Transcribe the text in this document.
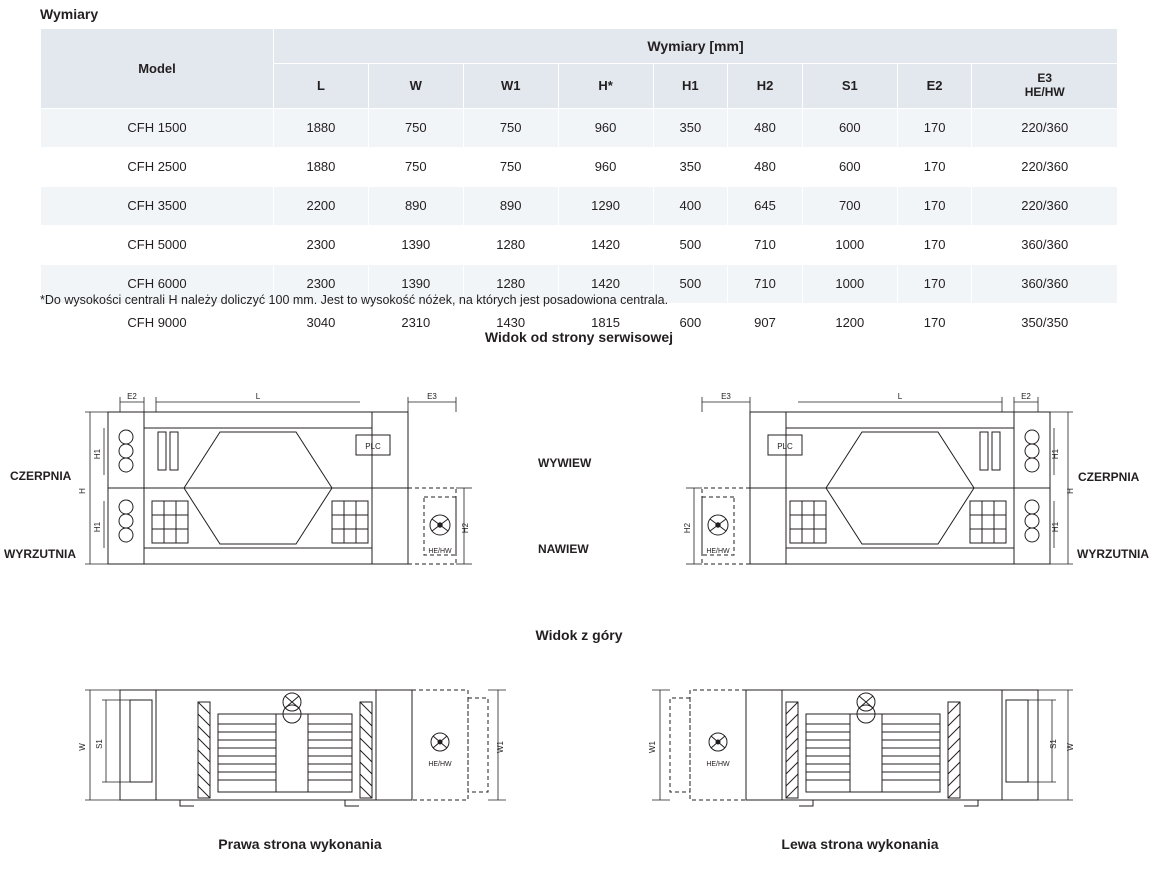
Wymiary
Model	Wymiary [mm]								
	L	W	W1	H*	H1	H2	S1	E2	E3
HE/HW

CFH 1500	1880	750	750	960	350	480	600	170	220/360
CFH 2500	1880	750	750	960	350	480	600	170	220/360
CFH 3500	2200	890	890	1290	400	645	700	170	220/360
CFH 5000	2300	1390	1280	1420	500	710	1000	170	360/360
CFH 6000	2300	1390	1280	1420	500	710	1000	170	360/360
CFH 9000	3040	2310	1430	1815	600	907	1200	170	350/350
*Do wysokości centrali H należy doliczyć 100 mm. Jest to wysokość nóżek, na których jest posadowiona centrala.
Widok od strony serwisowej
Widok z góry
CZERPNIA
WYRZUTNIA
WYWIEW
NAWIEW
CZERPNIA
WYRZUTNIA
E2	L	E3
H
H1
H1	H2
PLC
HE/HW
E2
L
E3
H
H1
H1
H2
PLC
HE/HW
W S1	W1
HE/HW
W
S1
W1
HE/HW
Prawa strona wykonania	Lewa strona wykonania
